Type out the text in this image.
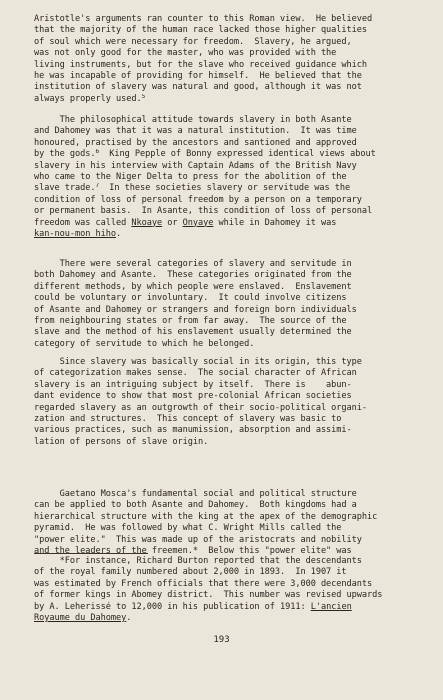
Aristotle's arguments ran counter to this Roman view.  He believed
that the majority of the human race lacked those higher qualities
of soul which were necessary for freedom.  Slavery, he argued,
was not only good for the master, who was provided with the
living instruments, but for the slave who received guidance which
he was incapable of providing for himself.  He believed that the
institution of slavery was natural and good, although it was not
always properly used.$^5$
The philosophical attitude towards slavery in both Asante
and Dahomey was that it was a natural institution.  It was time
honoured, practised by the ancestors and santioned and approved
by the gods.$^6$  King Pepple of Bonny expressed identical views about
slavery in his interview with Captain Adams of the British Navy
who came to the Niger Delta to press for the abolition of the
slave trade.$^7$  In these societies slavery or servitude was the
condition of loss of personal freedom by a person on a temporary
or permanent basis.  In Asante, this condition of loss of personal
freedom was called Nkoaye or Onyaye while in Dahomey it was
kan-nou-mon hiho.
There were several categories of slavery and servitude in
both Dahomey and Asante.  These categories originated from the
different methods, by which people were enslaved.  Enslavement
could be voluntary or involuntary.  It could involve citizens
of Asante and Dahomey or strangers and foreign born individuals
from neighbouring states or from far away.  The source of the
slave and the method of his enslavement usually determined the
category of servitude to which he belonged.
Since slavery was basically social in its origin, this type
of categorization makes sense.  The social character of African
slavery is an intriguing subject by itself.  There is    abun-
dant evidence to show that most pre-colonial African societies
regarded slavery as an outgrowth of their socio-political organi-
zation and structures.  This concept of slavery was basic to
various practices, such as manumission, absorption and assimi-
lation of persons of slave origin.
Gaetano Mosca's fundamental social and political structure
can be applied to both Asante and Dahomey.  Both kingdoms had a
hierarchical structure with the king at the apex of the demographic
pyramid.  He was followed by what C. Wright Mills called the
"power elite."  This was made up of the aristocrats and nobility
and the leaders of the freemen.*  Below this "power elite" was
*For instance, Richard Burton reported that the descendants
of the royal family numbered about 2,000 in 1893.  In 1907 it
was estimated by French officials that there were 3,000 decendants
of former kings in Abomey district.  This number was revised upwards
by A. Leherissé to 12,000 in his publication of 1911: L'ancien
Royaume du Dahomey.
193
